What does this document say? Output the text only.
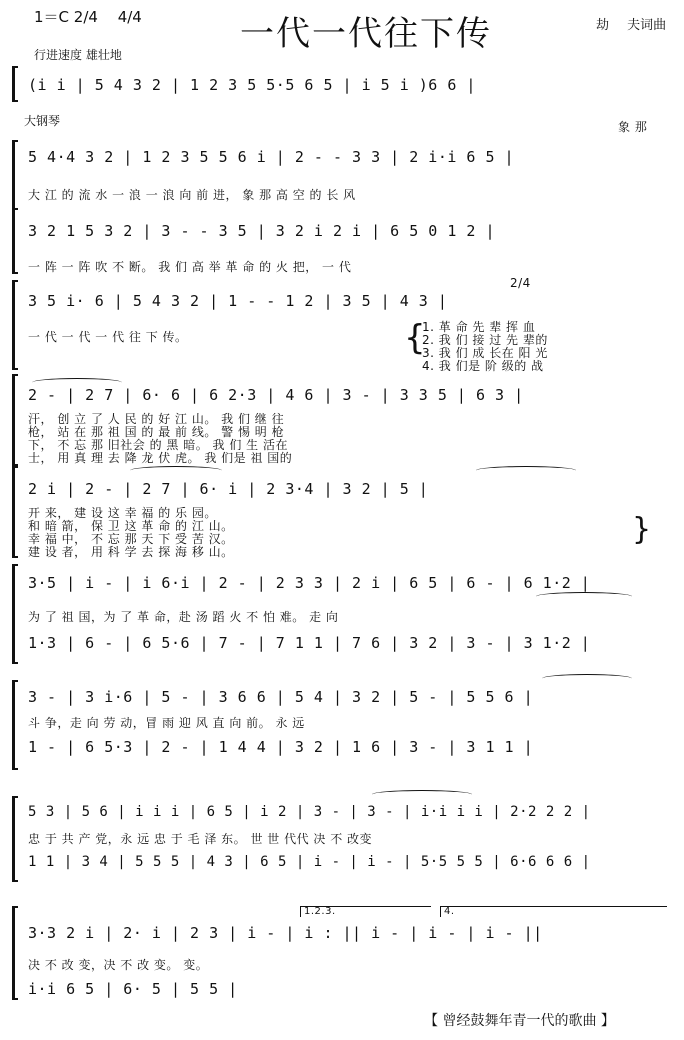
1＝C 2/4　 4/4	一代一代往下传	劫 夫词曲
行进速度 雄壮地
大钢琴
(i i | 5 4 3 2 | 1 2 3 5 5·5 6 5 | i 5 i )6 6 |
象 那
5 4·4 3 2 | 1 2 3 5 5 6 i | 2 - - 3 3 | 2 i·i 6 5 |
大 江 的 流 水 一 浪 一 浪 向 前 进， 象 那 高 空 的 长 风
3 2 1 5 3 2 | 3 - - 3 5 | 3 2 i 2 i | 6 5 0 1 2 |
一 阵 一 阵 吹 不 断。 我 们 高 举 革 命 的 火 把， 一 代
2/4
3 5 i· 6 | 5 4 3 2 | 1 - - 1 2 | 3 5 | 4 3 |
一 代 一 代 一 代 往 下 传。	{
1. 革 命 先 辈 挥 血
2. 我 们 接 过 先 辈的
3. 我 们 成 长在 阳 光
4. 我 们是 阶 级的 战
2 - | 2 7 | 6· 6 | 6 2·3 | 4 6 | 3 - | 3 3 5 | 6 3 |
汗， 创 立 了 人 民 的 好 江 山。 我 们 继 往
枪， 站 在 那 祖 国 的 最 前 线。 警 惕 明 枪
下， 不 忘 那 旧社会 的 黑 暗。 我 们 生 活在
士， 用 真 理 去 降 龙 伏 虎。 我 们是 祖 国的
2 i | 2 - | 2 7 | 6· i | 2 3·4 | 3 2 | 5 |
开 来， 建 设 这 幸 福 的 乐 园。
和 暗 箭， 保 卫 这 革 命 的 江 山。
幸 福 中， 不 忘 那 天 下 受 苦 汉。
建 设 者， 用 科 学 去 探 海 移 山。
}
3·5 | i - | i 6·i | 2 - | 2 3 3 | 2 i | 6 5 | 6 - | 6 1·2 |
为 了 祖 国，为 了 革 命，赴 汤 蹈 火 不 怕 难。 走 向
1·3 | 6 - | 6 5·6 | 7 - | 7 1 1 | 7 6 | 3 2 | 3 - | 3 1·2 |
3 - | 3 i·6 | 5 - | 3 6 6 | 5 4 | 3 2 | 5 - | 5 5 6 |
斗 争，走 向 劳 动，冒 雨 迎 风 直 向 前。 永 远
1 - | 6 5·3 | 2 - | 1 4 4 | 3 2 | 1 6 | 3 - | 3 1 1 |
5 3 | 5 6 | i i i | 6 5 | i 2 | 3 - | 3 - | i·i i i | 2·2 2 2 |
忠 于 共 产 党，永 远 忠 于 毛 泽 东。 世 世 代代 决 不 改变
1 1 | 3 4 | 5 5 5 | 4 3 | 6 5 | i - | i - | 5·5 5 5 | 6·6 6 6 |
1.2.3.	4.
3·3 2 i | 2· i | 2 3 | i - | i : || i - | i - | i - ||
决 不 改 变，决 不 改 变。 变。
i·i 6 5 | 6· 5 | 5 5 |
【 曾经鼓舞年青一代的歌曲 】
